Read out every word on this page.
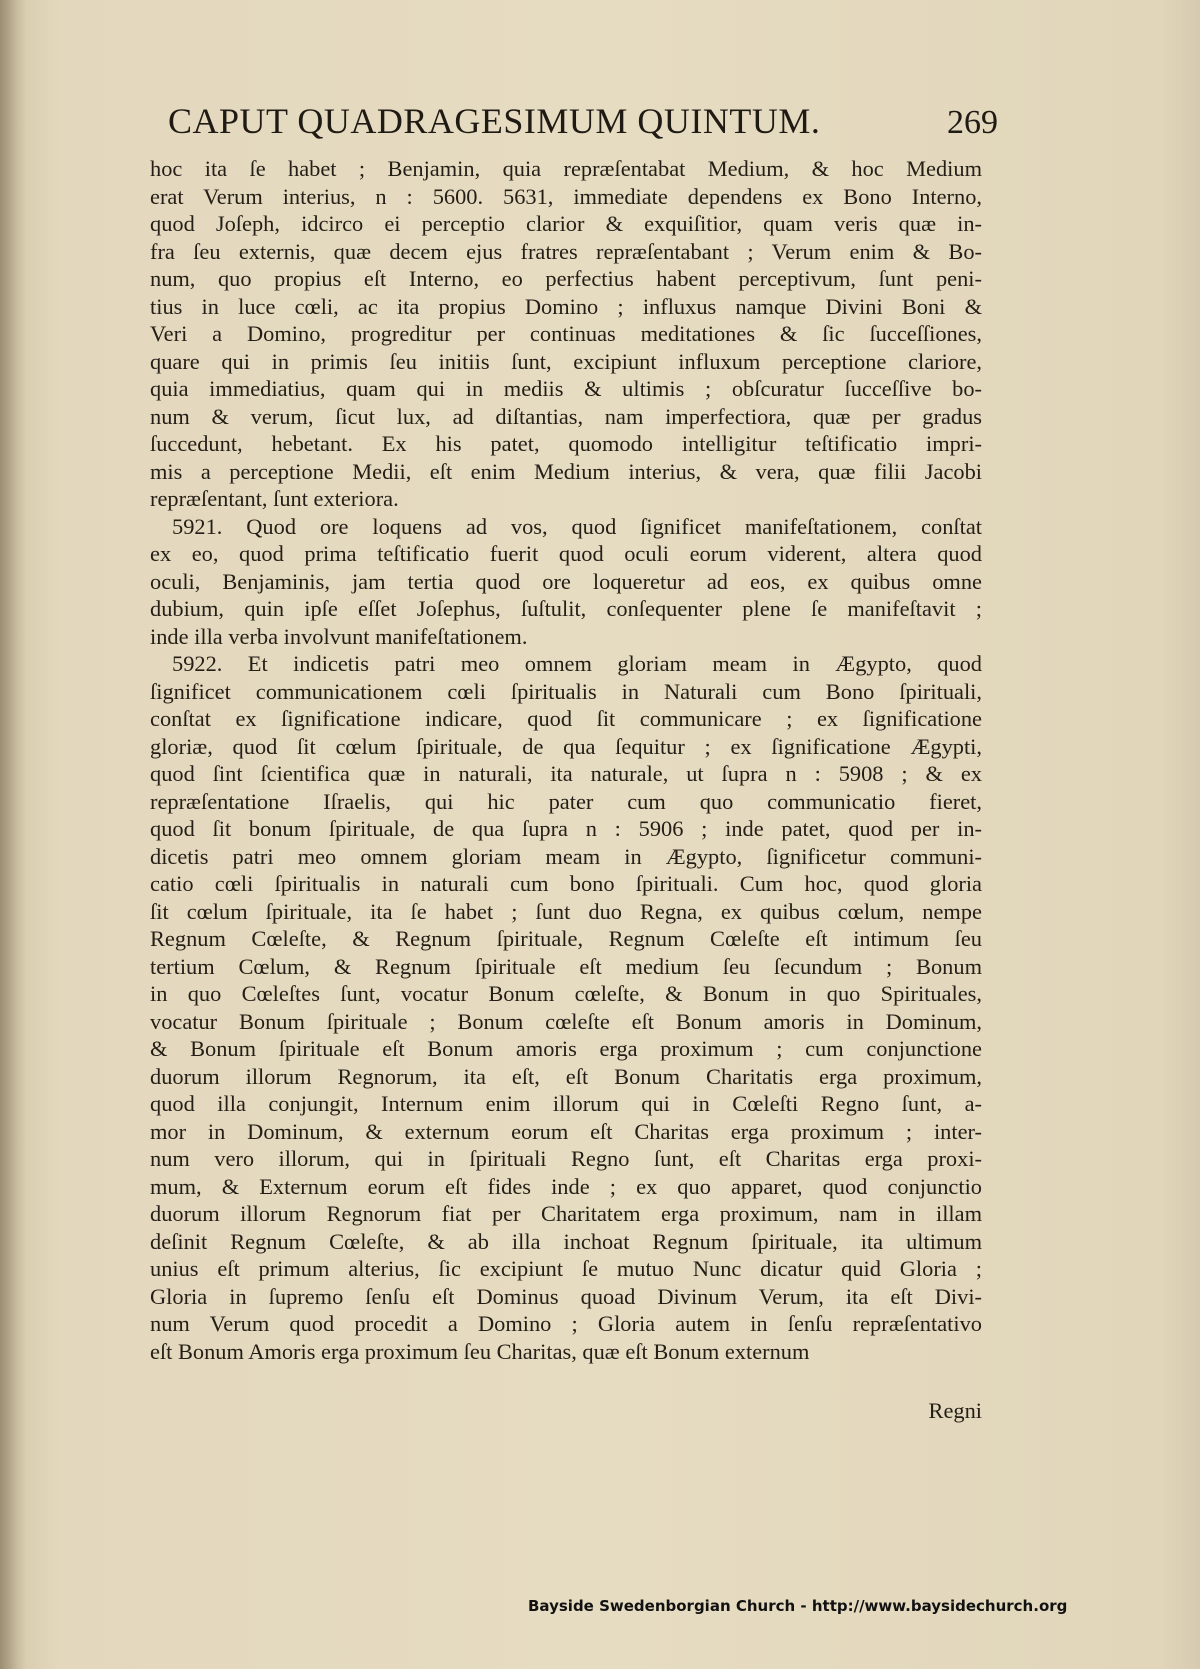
CAPUT QUADRAGESIMUM QUINTUM.	269
hoc ita ſe habet ; Benjamin, quia repræſentabat Medium, & hoc Medium
erat Verum interius, n : 5600. 5631, immediate dependens ex Bono Interno,
quod Joſeph, idcirco ei perceptio clarior & exquiſitior, quam veris quæ in-
fra ſeu externis, quæ decem ejus fratres repræſentabant ; Verum enim & Bo-
num, quo propius eſt Interno, eo perfectius habent perceptivum, ſunt peni-
tius in luce cœli, ac ita propius Domino ; influxus namque Divini Boni &
Veri a Domino, progreditur per continuas meditationes & ſic ſucceſſiones,
quare qui in primis ſeu initiis ſunt, excipiunt influxum perceptione clariore,
quia immediatius, quam qui in mediis & ultimis ; obſcuratur ſucceſſive bo-
num & verum, ſicut lux, ad diſtantias, nam imperfectiora, quæ per gradus
ſuccedunt, hebetant. Ex his patet, quomodo intelligitur teſtificatio impri-
mis a perceptione Medii, eſt enim Medium interius, & vera, quæ filii Jacobi
repræſentant, ſunt exteriora.
5921. Quod ore loquens ad vos, quod ſignificet manifeſtationem, conſtat
ex eo, quod prima teſtificatio fuerit quod oculi eorum viderent, altera quod
oculi, Benjaminis, jam tertia quod ore loqueretur ad eos, ex quibus omne
dubium, quin ipſe eſſet Joſephus, ſuſtulit, conſequenter plene ſe manifeſtavit ;
inde illa verba involvunt manifeſtationem.
5922. Et indicetis patri meo omnem gloriam meam in Ægypto, quod
ſignificet communicationem cœli ſpiritualis in Naturali cum Bono ſpirituali,
conſtat ex ſignificatione indicare, quod ſit communicare ; ex ſignificatione
gloriæ, quod ſit cœlum ſpirituale, de qua ſequitur ; ex ſignificatione Ægypti,
quod ſint ſcientifica quæ in naturali, ita naturale, ut ſupra n : 5908 ; & ex
repræſentatione Iſraelis, qui hic pater cum quo communicatio fieret,
quod ſit bonum ſpirituale, de qua ſupra n : 5906 ; inde patet, quod per in-
dicetis patri meo omnem gloriam meam in Ægypto, ſignificetur communi-
catio cœli ſpiritualis in naturali cum bono ſpirituali. Cum hoc, quod gloria
ſit cœlum ſpirituale, ita ſe habet ; ſunt duo Regna, ex quibus cœlum, nempe
Regnum Cœleſte, & Regnum ſpirituale, Regnum Cœleſte eſt intimum ſeu
tertium Cœlum, & Regnum ſpirituale eſt medium ſeu ſecundum ; Bonum
in quo Cœleſtes ſunt, vocatur Bonum cœleſte, & Bonum in quo Spirituales,
vocatur Bonum ſpirituale ; Bonum cœleſte eſt Bonum amoris in Dominum,
& Bonum ſpirituale eſt Bonum amoris erga proximum ; cum conjunctione
duorum illorum Regnorum, ita eſt, eſt Bonum Charitatis erga proximum,
quod illa conjungit, Internum enim illorum qui in Cœleſti Regno ſunt, a-
mor in Dominum, & externum eorum eſt Charitas erga proximum ; inter-
num vero illorum, qui in ſpirituali Regno ſunt, eſt Charitas erga proxi-
mum, & Externum eorum eſt fides inde ; ex quo apparet, quod conjunctio
duorum illorum Regnorum fiat per Charitatem erga proximum, nam in illam
deſinit Regnum Cœleſte, & ab illa inchoat Regnum ſpirituale, ita ultimum
unius eſt primum alterius, ſic excipiunt ſe mutuo Nunc dicatur quid Gloria ;
Gloria in ſupremo ſenſu eſt Dominus quoad Divinum Verum, ita eſt Divi-
num Verum quod procedit a Domino ; Gloria autem in ſenſu repræſentativo
eſt Bonum Amoris erga proximum ſeu Charitas, quæ eſt Bonum externum
Regni
Bayside Swedenborgian Church - http://www.baysidechurch.org
